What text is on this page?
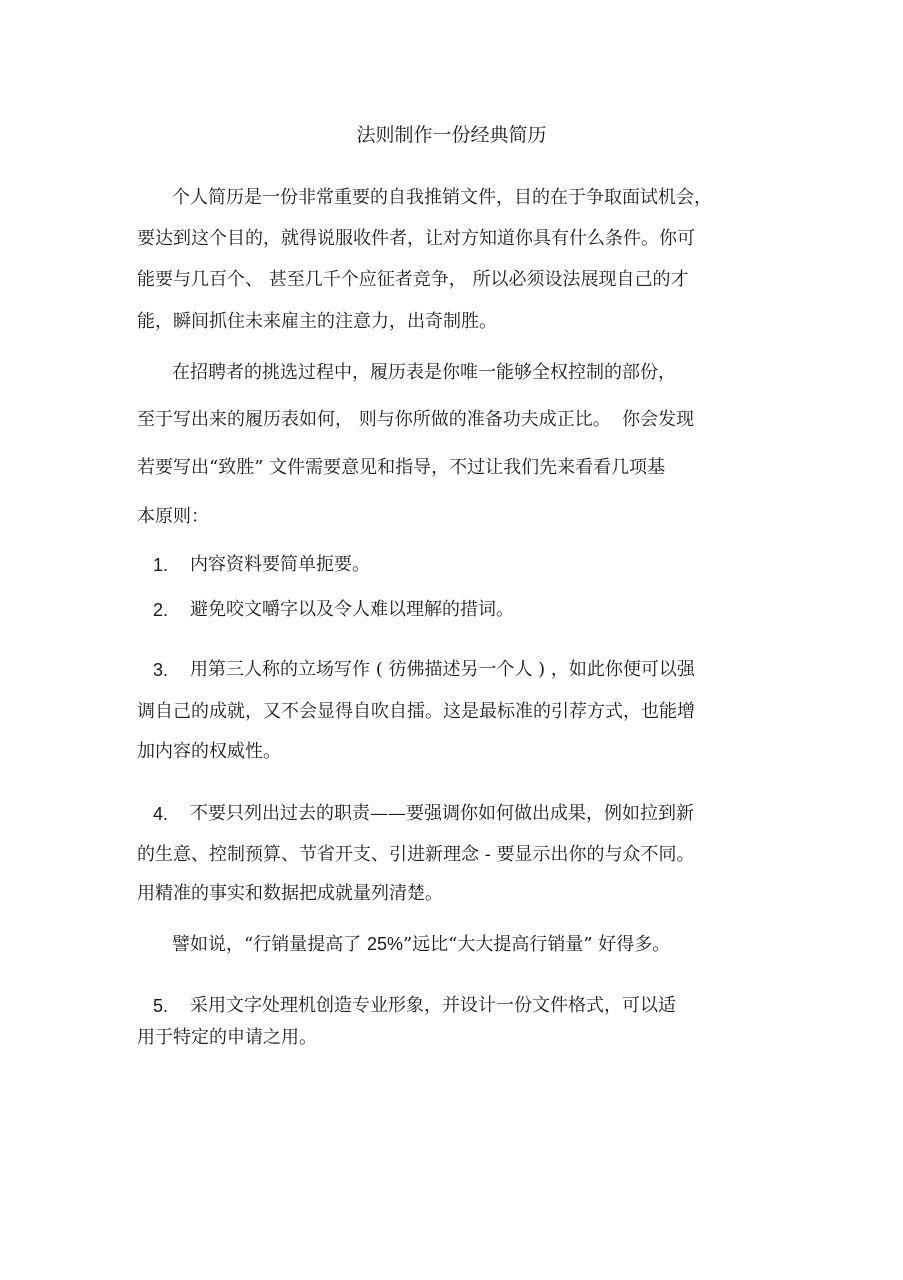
法则制作一份经典简历
个人简历是一份非常重要的自我推销文件，目的在于争取面试机会，
要达到这个目的，就得说服收件者，让对方知道你具有什么条件。你可
能要与几百个、 甚至几千个应征者竞争， 所以必须设法展现自己的才
能，瞬间抓住未来雇主的注意力，出奇制胜。
在招聘者的挑选过程中，履历表是你唯一能够全权控制的部份，
至于写出来的履历表如何， 则与你所做的准备功夫成正比。  你会发现
若要写出“致胜” 文件需要意见和指导，不过让我们先来看看几项基
本原则：
1. 内容资料要简单扼要。
2. 避免咬文嚼字以及令人难以理解的措词。
3. 用第三人称的立场写作 ( 彷佛描述另一个人 ) ，如此你便可以强
调自己的成就，又不会显得自吹自擂。这是最标准的引荐方式，也能增
加内容的权威性。
4. 不要只列出过去的职责——要强调你如何做出成果，例如拉到新
的生意、控制预算、节省开支、引进新理念 - 要显示出你的与众不同。
用精准的事实和数据把成就量列清楚。
譬如说，“行销量提高了 25%”远比“大大提高行销量” 好得多。
5. 采用文字处理机创造专业形象，并设计一份文件格式，可以适
用于特定的申请之用。
